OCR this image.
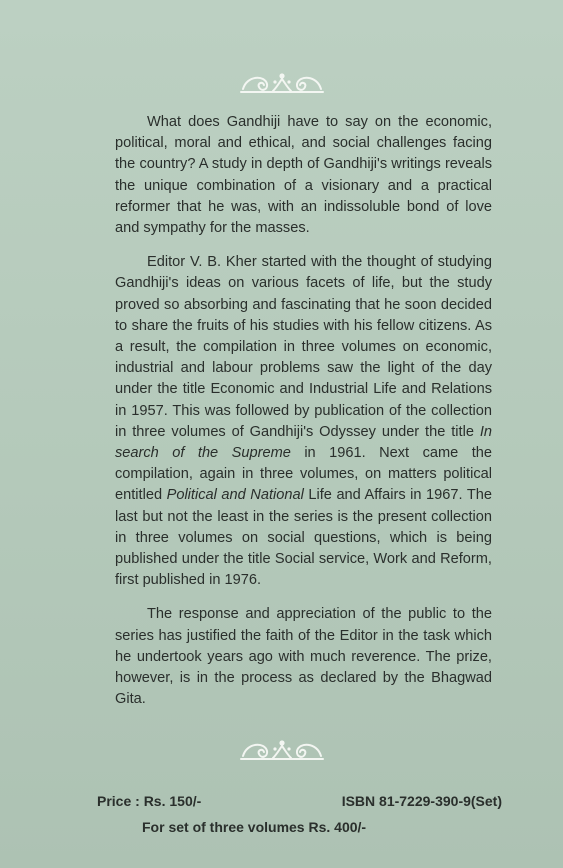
What does Gandhiji have to say on the economic, political, moral and ethical, and social challenges facing the country? A study in depth of Gandhiji's writings reveals the unique combination of a visionary and a practical reformer that he was, with an indissoluble bond of love and sympathy for the masses.

Editor V. B. Kher started with the thought of studying Gandhiji's ideas on various facets of life, but the study proved so absorbing and fascinating that he soon decided to share the fruits of his studies with his fellow citizens. As a result, the compilation in three volumes on economic, industrial and labour problems saw the light of the day under the title Economic and Industrial Life and Relations in 1957. This was followed by publication of the collection in three volumes of Gandhiji's Odyssey under the title In search of the Supreme in 1961. Next came the compilation, again in three volumes, on matters political entitled Political and National Life and Affairs in 1967. The last but not the least in the series is the present collection in three volumes on social questions, which is being published under the title Social service, Work and Reform, first published in 1976.

The response and appreciation of the public to the series has justified the faith of the Editor in the task which he undertook years ago with much reverence. The prize, however, is in the process as declared by the Bhagwad Gita.

Price : Rs. 150/-	ISBN 81-7229-390-9(Set)
For set of three volumes Rs. 400/-
